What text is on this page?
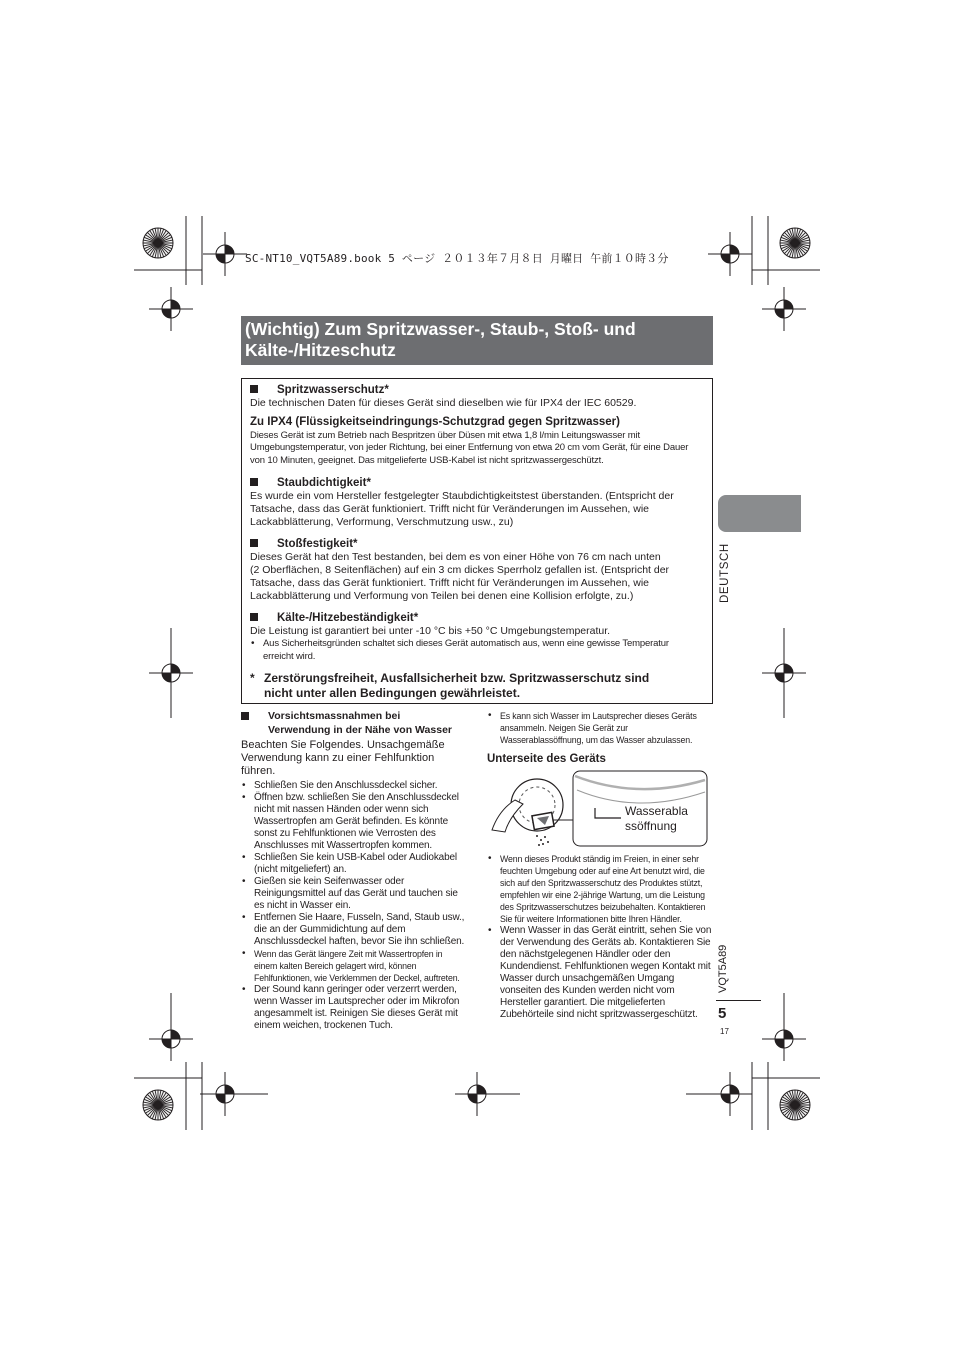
SC-NT10_VQT5A89.book 5 ページ ２０１３年７月８日 月曜日 午前１０時３分
(Wichtig) Zum Spritzwasser-, Staub-, Stoß- und
Kälte-/Hitzeschutz
Spritzwasserschutz*
Die technischen Daten für dieses Gerät sind dieselben wie für IPX4 der IEC 60529.
Zu IPX4 (Flüssigkeitseindringungs-Schutzgrad gegen Spritzwasser)
Dieses Gerät ist zum Betrieb nach Bespritzen über Düsen mit etwa 1,8 l/min Leitungswasser mit
Umgebungstemperatur, von jeder Richtung, bei einer Entfernung von etwa 20 cm vom Gerät, für eine Dauer
von 10 Minuten, geeignet. Das mitgelieferte USB-Kabel ist nicht spritzwassergeschützt.
Staubdichtigkeit*
Es wurde ein vom Hersteller festgelegter Staubdichtigkeitstest überstanden. (Entspricht der
Tatsache, dass das Gerät funktioniert. Trifft nicht für Veränderungen im Aussehen, wie
Lackabblätterung, Verformung, Verschmutzung usw., zu)
Stoßfestigkeit*
Dieses Gerät hat den Test bestanden, bei dem es von einer Höhe von 76 cm nach unten
(2 Oberflächen, 8 Seitenflächen) auf ein 3 cm dickes Sperrholz gefallen ist. (Entspricht der
Tatsache, dass das Gerät funktioniert. Trifft nicht für Veränderungen im Aussehen, wie
Lackabblätterung und Verformung von Teilen bei denen eine Kollision erfolgte, zu.)
Kälte-/Hitzebeständigkeit*
Die Leistung ist garantiert bei unter -10 °C bis +50 °C Umgebungstemperatur.
• Aus Sicherheitsgründen schaltet sich dieses Gerät automatisch aus, wenn eine gewisse Temperatur
erreicht wird.
* Zerstörungsfreiheit, Ausfallsicherheit bzw. Spritzwasserschutz sind
nicht unter allen Bedingungen gewährleistet.
Vorsichtsmassnahmen bei
Verwendung in der Nähe von Wasser
Beachten Sie Folgendes. Unsachgemäße
Verwendung kann zu einer Fehlfunktion führen.
• Schließen Sie den Anschlussdeckel sicher.
• Öffnen bzw. schließen Sie den Anschlussdeckel
nicht mit nassen Händen oder wenn sich
Wassertropfen am Gerät befinden. Es könnte
sonst zu Fehlfunktionen wie Verrosten des
Anschlusses mit Wassertropfen kommen.
• Schließen Sie kein USB-Kabel oder Audiokabel
(nicht mitgeliefert) an.
• Gießen sie kein Seifenwasser oder
Reinigungsmittel auf das Gerät und tauchen sie
es nicht in Wasser ein.
• Entfernen Sie Haare, Fusseln, Sand, Staub usw.,
die an der Gummidichtung auf dem
Anschlussdeckel haften, bevor Sie ihn schließen.
• Wenn das Gerät längere Zeit mit Wassertropfen in
einem kalten Bereich gelagert wird, können
Fehlfunktionen, wie Verklemmen der Deckel, auftreten.
• Der Sound kann geringer oder verzerrt werden,
wenn Wasser im Lautsprecher oder im Mikrofon
angesammelt ist. Reinigen Sie dieses Gerät mit
einem weichen, trockenen Tuch.
• Es kann sich Wasser im Lautsprecher dieses Geräts
ansammeln. Neigen Sie Gerät zur
Wasserablassöffnung, um das Wasser abzulassen.
Unterseite des Geräts
Wasserabla
ssöffnung
• Wenn dieses Produkt ständig im Freien, in einer sehr
feuchten Umgebung oder auf eine Art benutzt wird, die
sich auf den Spritzwasserschutz des Produktes stützt,
empfehlen wir eine 2-jährige Wartung, um die Leistung
des Spritzwasserschutzes beizubehalten. Kontaktieren
Sie für weitere Informationen bitte Ihren Händler.
• Wenn Wasser in das Gerät eintritt, sehen Sie von
der Verwendung des Geräts ab. Kontaktieren Sie
den nächstgelegenen Händler oder den
Kundendienst. Fehlfunktionen wegen Kontakt mit
Wasser durch unsachgemäßen Umgang
vonseiten des Kunden werden nicht vom
Hersteller garantiert. Die mitgelieferten
Zubehörteile sind nicht spritzwassergeschützt.
DEUTSCH
VQT5A89
5
17
